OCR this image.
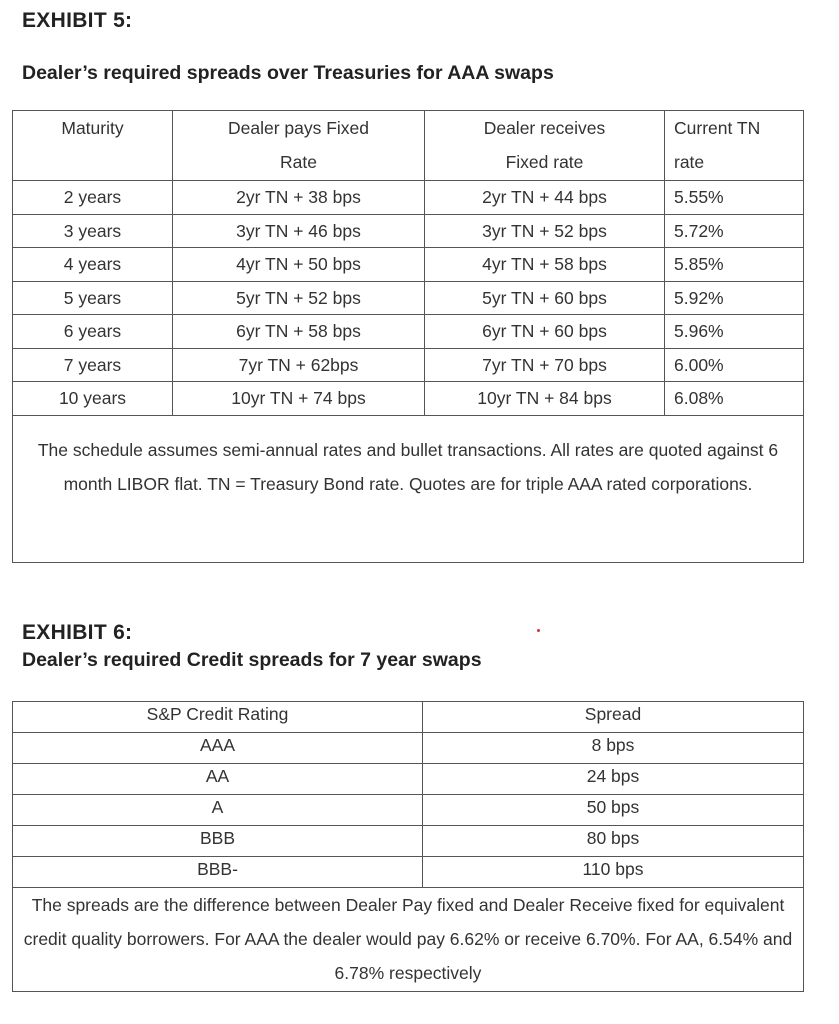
EXHIBIT 5:
Dealer’s required spreads over Treasuries for AAA swaps
Maturity	Dealer pays Fixed Rate	Dealer receives Fixed rate	Current TN rate
2 years	2yr TN + 38 bps	2yr TN + 44 bps	5.55%
3 years	3yr TN + 46 bps	3yr TN + 52 bps	5.72%
4 years	4yr TN + 50 bps	4yr TN + 58 bps	5.85%
5 years	5yr TN + 52 bps	5yr TN + 60 bps	5.92%
6 years	6yr TN + 58 bps	6yr TN + 60 bps	5.96%
7 years	7yr TN + 62bps	7yr TN + 70 bps	6.00%
10 years	10yr TN + 74 bps	10yr TN + 84 bps	6.08%
The schedule assumes semi-annual rates and bullet transactions. All rates are quoted against 6 month LIBOR flat. TN = Treasury Bond rate. Quotes are for triple AAA rated corporations.			
EXHIBIT 6:
Dealer’s required Credit spreads for 7 year swaps
S&P Credit Rating	Spread
AAA	8 bps
AA	24 bps
A	50 bps
BBB	80 bps
BBB-	110 bps
The spreads are the difference between Dealer Pay fixed and Dealer Receive fixed for equivalent credit quality borrowers. For AAA the dealer would pay 6.62% or receive 6.70%. For AA, 6.54% and 6.78% respectively	
